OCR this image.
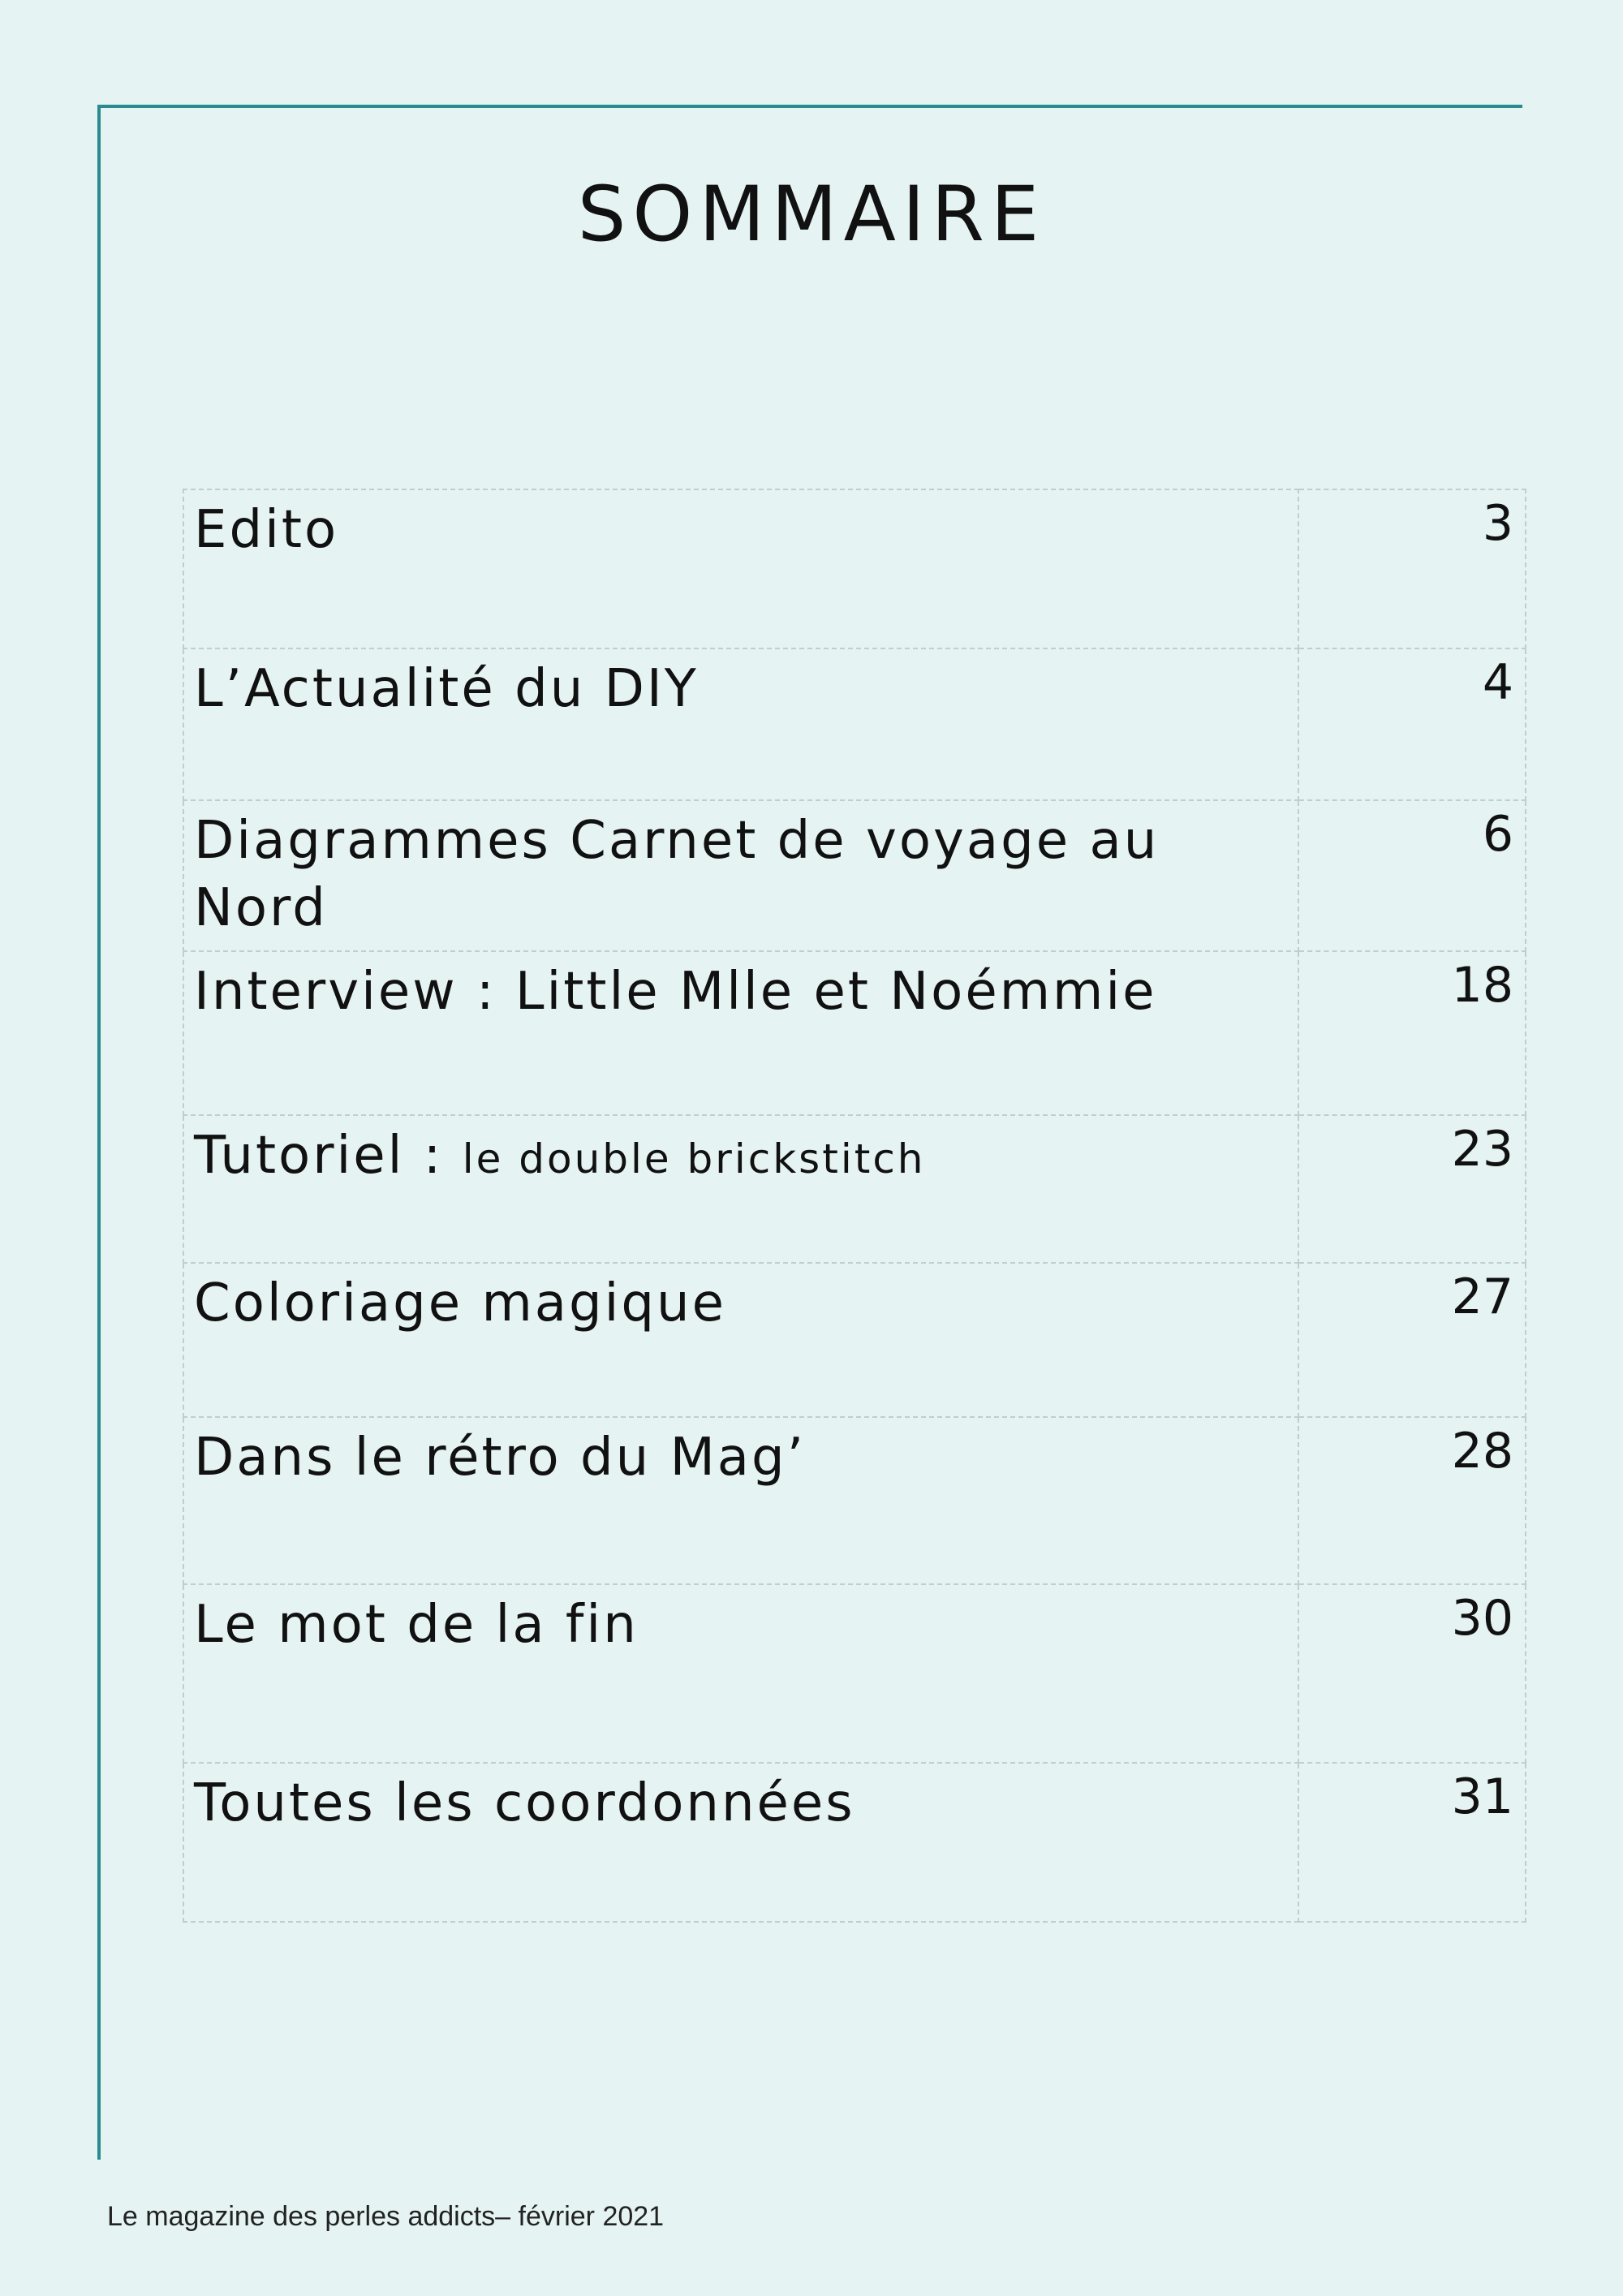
SOMMAIRE
Edito	3
L’Actualité du DIY	4
Diagrammes Carnet de voyage au Nord	6
Interview : Little Mlle et Noémmie	18
Tutoriel : le double brickstitch	23
Coloriage magique	27
Dans le rétro du Mag’	28
Le mot de la fin	30
Toutes les coordonnées	31
Le magazine des perles addicts– février 2021
